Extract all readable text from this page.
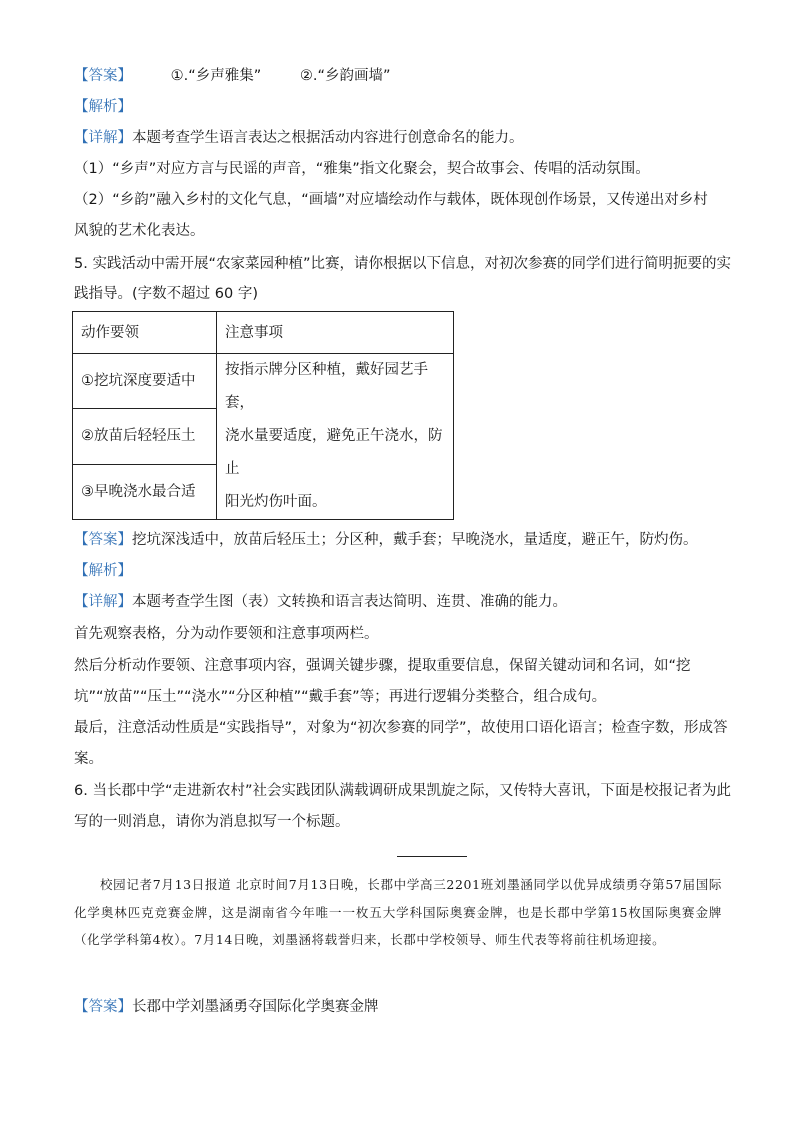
【答案】	①.“乡声雅集”	②.“乡韵画墙”
【解析】
【详解】本题考查学生语言表达之根据活动内容进行创意命名的能力。
（1）“乡声”对应方言与民谣的声音，“雅集”指文化聚会，契合故事会、传唱的活动氛围。
（2）“乡韵”融入乡村的文化气息，“画墙”对应墙绘动作与载体，既体现创作场景，又传递出对乡村
风貌的艺术化表达。
5. 实践活动中需开展“农家菜园种植”比赛，请你根据以下信息，对初次参赛的同学们进行简明扼要的实
践指导。(字数不超过 60 字)
动作要领	注意事项
①挖坑深度要适中	按指示牌分区种植，戴好园艺手套，
浇水量要适度，避免正午浇水，防止
阳光灼伤叶面。

②放苗后轻轻压土	
③早晚浇水最合适	
【答案】挖坑深浅适中，放苗后轻压土；分区种，戴手套；早晚浇水，量适度，避正午，防灼伤。
【解析】
【详解】本题考查学生图（表）文转换和语言表达简明、连贯、准确的能力。
首先观察表格，分为动作要领和注意事项两栏。
然后分析动作要领、注意事项内容，强调关键步骤，提取重要信息，保留关键动词和名词，如“挖
坑”“放苗”“压土”“浇水”“分区种植”“戴手套”等；再进行逻辑分类整合，组合成句。
最后，注意活动性质是“实践指导”，对象为“初次参赛的同学”，故使用口语化语言；检查字数，形成答
案。
6. 当长郡中学“走进新农村”社会实践团队满载调研成果凯旋之际，又传特大喜讯，下面是校报记者为此
写的一则消息，请你为消息拟写一个标题。
校园记者7月13日报道 北京时间7月13日晚，长郡中学高三2201班刘墨涵同学以优异成绩勇夺第57届国际化学奥林匹克竞赛金牌，这是湖南省今年唯一一枚五大学科国际奥赛金牌，也是长郡中学第15枚国际奥赛金牌（化学学科第4枚）。7月14日晚，刘墨涵将载誉归来，长郡中学校领导、师生代表等将前往机场迎接。
【答案】长郡中学刘墨涵勇夺国际化学奥赛金牌
